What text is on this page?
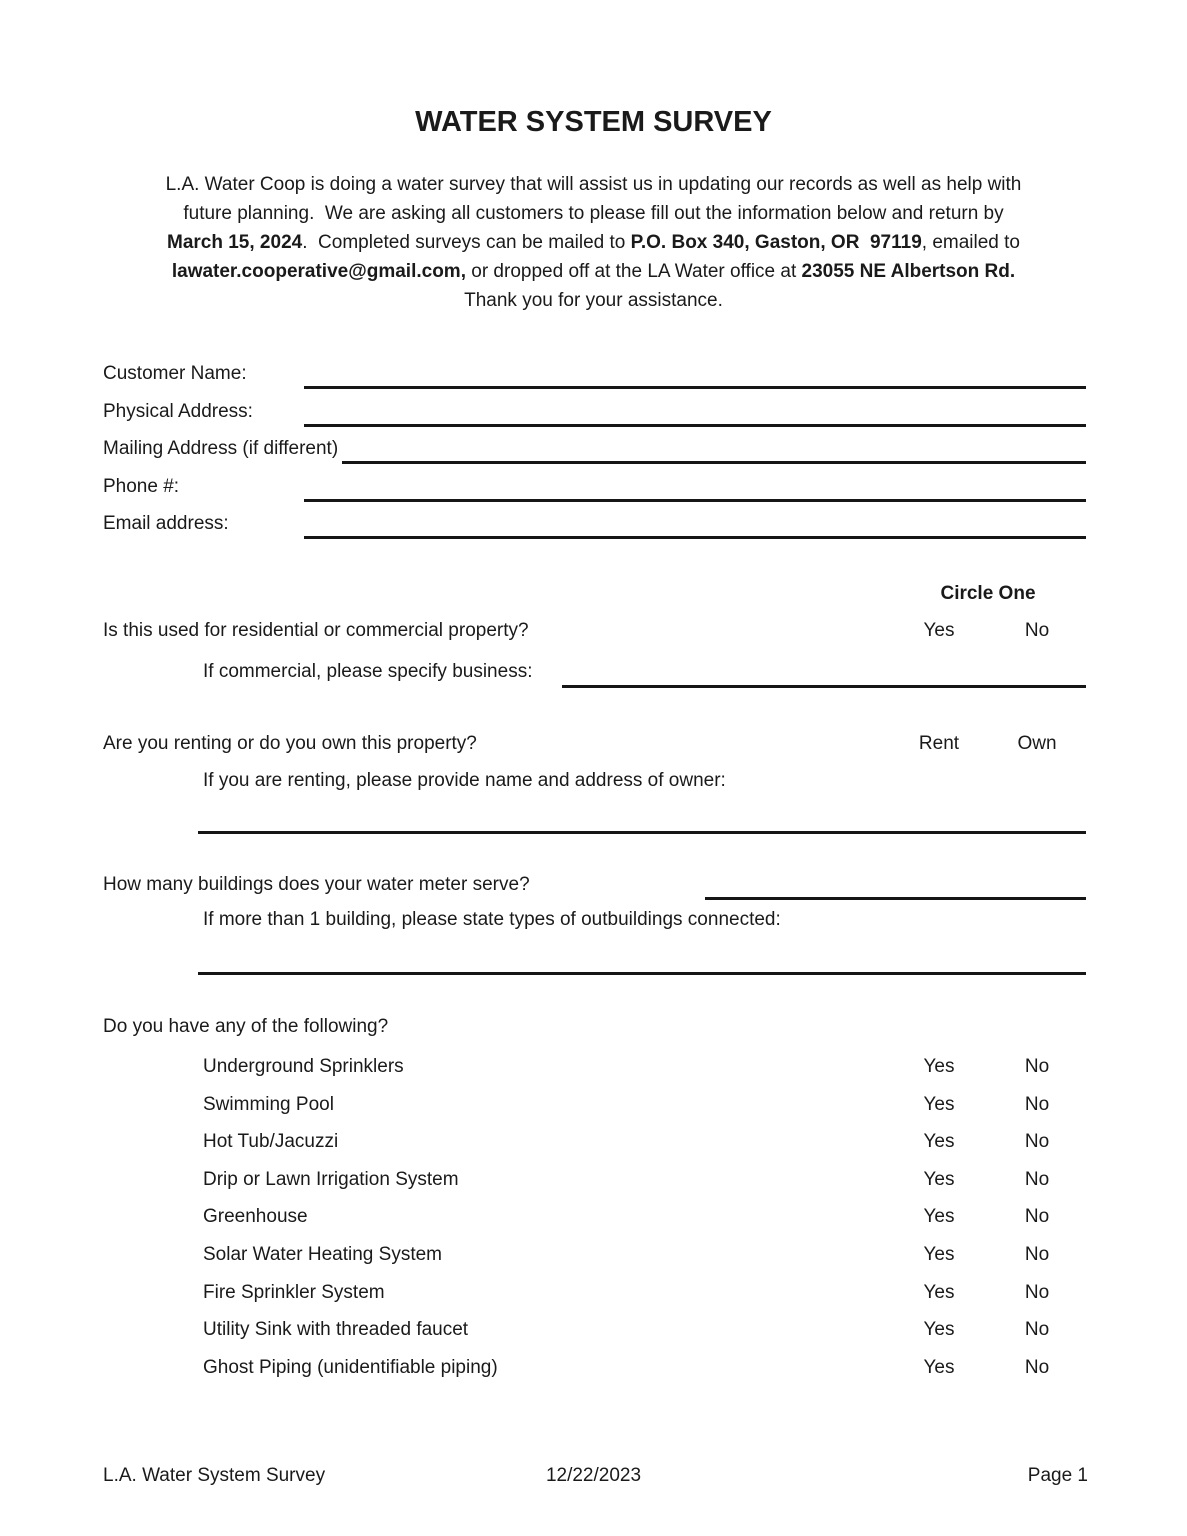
WATER SYSTEM SURVEY
L.A. Water Coop is doing a water survey that will assist us in updating our records as well as help with
future planning.  We are asking all customers to please fill out the information below and return by
March 15, 2024.  Completed surveys can be mailed to P.O. Box 340, Gaston, OR  97119, emailed to
lawater.cooperative@gmail.com, or dropped off at the LA Water office at 23055 NE Albertson Rd.
Thank you for your assistance.
Customer Name:
Physical Address:
Mailing Address (if different)
Phone #:
Email address:
Circle One
Is this used for residential or commercial property?	Yes	No
If commercial, please specify business:
Are you renting or do you own this property?	Rent	Own
If you are renting, please provide name and address of owner:
How many buildings does your water meter serve?
If more than 1 building, please state types of outbuildings connected:
Do you have any of the following?
Underground Sprinklers	Yes	No
Swimming Pool	Yes	No
Hot Tub/Jacuzzi	Yes	No
Drip or Lawn Irrigation System	Yes	No
Greenhouse	Yes	No
Solar Water Heating System	Yes	No
Fire Sprinkler System	Yes	No
Utility Sink with threaded faucet	Yes	No
Ghost Piping (unidentifiable piping)	Yes	No
12/22/2023
L.A. Water System Survey	Page 1
